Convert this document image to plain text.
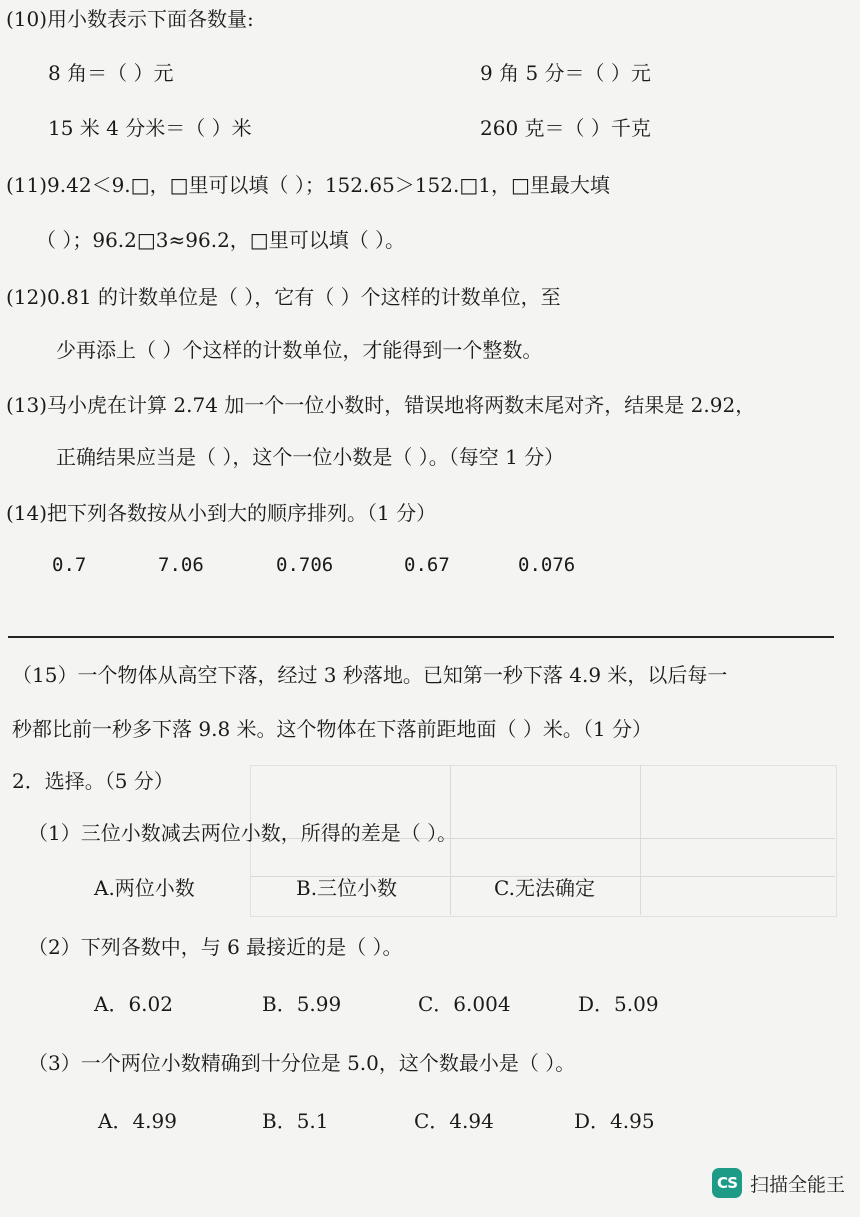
(10)用小数表示下面各数量:
8 角＝（ ）元	9 角 5 分＝（ ）元
15 米 4 分米＝（ ）米	260 克＝（ ）千克
(11)9.42＜9.□，□里可以填（ ）；152.65＞152.□1，□里最大填
（ ）；96.2□3≈96.2，□里可以填（ ）。
(12)0.81 的计数单位是（ ），它有（ ）个这样的计数单位，至
少再添上（ ）个这样的计数单位，才能得到一个整数。
(13)马小虎在计算 2.74 加一个一位小数时，错误地将两数末尾对齐，结果是 2.92，
正确结果应当是（ ），这个一位小数是（ ）。（每空 1 分）
(14)把下列各数按从小到大的顺序排列。（1 分）
0.7	7.06	0.706	0.67	0.076
（15）一个物体从高空下落，经过 3 秒落地。已知第一秒下落 4.9 米，以后每一
秒都比前一秒多下落 9.8 米。这个物体在下落前距地面（ ）米。（1 分）
2．选择。（5 分）
（1）三位小数减去两位小数，所得的差是（ ）。
A.两位小数	B.三位小数	C.无法确定
（2）下列各数中，与 6 最接近的是（ ）。
A．6.02	B．5.99	C．6.004	D．5.09
（3）一个两位小数精确到十分位是 5.0，这个数最小是（ ）。
A．4.99	B．5.1	C．4.94	D．4.95
CS 扫描全能王
